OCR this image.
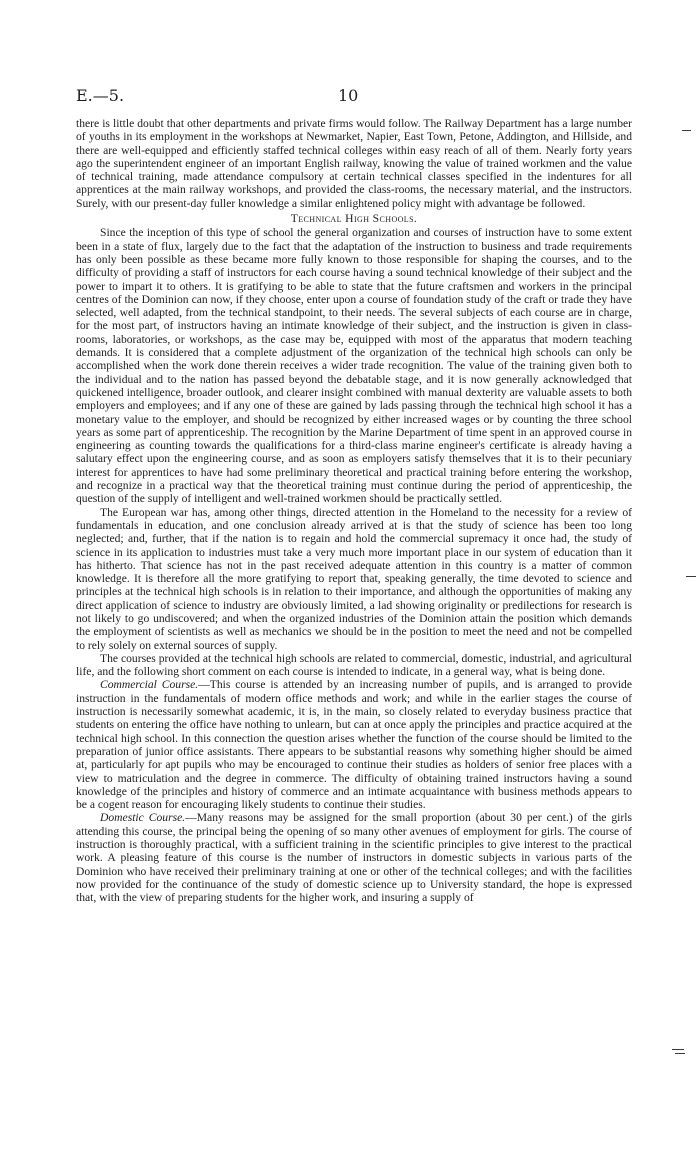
E.—5.	10

there is little doubt that other departments and private firms would follow. The Railway Department has a large number of youths in its employment in the workshops at Newmarket, Napier, East Town, Petone, Addington, and Hillside, and there are well-equipped and efficiently staffed technical colleges within easy reach of all of them. Nearly forty years ago the superintendent engineer of an important English railway, knowing the value of trained workmen and the value of technical training, made attendance compulsory at certain technical classes specified in the indentures for all apprentices at the main railway workshops, and provided the class-rooms, the necessary material, and the instructors. Surely, with our present-day fuller knowledge a similar enlightened policy might with advantage be followed.

Technical High Schools.

Since the inception of this type of school the general organization and courses of instruction have to some extent been in a state of flux, largely due to the fact that the adaptation of the instruction to business and trade requirements has only been possible as these became more fully known to those responsible for shaping the courses, and to the difficulty of providing a staff of instructors for each course having a sound technical knowledge of their subject and the power to impart it to others. It is gratifying to be able to state that the future craftsmen and workers in the principal centres of the Dominion can now, if they choose, enter upon a course of foundation study of the craft or trade they have selected, well adapted, from the technical standpoint, to their needs. The several subjects of each course are in charge, for the most part, of instructors having an intimate knowledge of their subject, and the instruction is given in class-rooms, laboratories, or workshops, as the case may be, equipped with most of the apparatus that modern teaching demands. It is considered that a complete adjustment of the organization of the technical high schools can only be accomplished when the work done therein receives a wider trade recognition. The value of the training given both to the individual and to the nation has passed beyond the debatable stage, and it is now generally acknowledged that quickened intelligence, broader outlook, and clearer insight combined with manual dexterity are valuable assets to both employers and employees; and if any one of these are gained by lads passing through the technical high school it has a monetary value to the employer, and should be recognized by either increased wages or by counting the three school years as some part of apprenticeship. The recognition by the Marine Department of time spent in an approved course in engineering as counting towards the qualifications for a third-class marine engineer's certificate is already having a salutary effect upon the engineering course, and as soon as employers satisfy themselves that it is to their pecuniary interest for apprentices to have had some preliminary theoretical and practical training before entering the workshop, and recognize in a practical way that the theoretical training must continue during the period of apprenticeship, the question of the supply of intelligent and well-trained workmen should be practically settled.

The European war has, among other things, directed attention in the Homeland to the necessity for a review of fundamentals in education, and one conclusion already arrived at is that the study of science has been too long neglected; and, further, that if the nation is to regain and hold the commercial supremacy it once had, the study of science in its application to industries must take a very much more important place in our system of education than it has hitherto. That science has not in the past received adequate attention in this country is a matter of common knowledge. It is therefore all the more gratifying to report that, speaking generally, the time devoted to science and principles at the technical high schools is in relation to their importance, and although the opportunities of making any direct application of science to industry are obviously limited, a lad showing originality or predilections for research is not likely to go undiscovered; and when the organized industries of the Dominion attain the position which demands the employment of scientists as well as mechanics we should be in the position to meet the need and not be compelled to rely solely on external sources of supply.

The courses provided at the technical high schools are related to commercial, domestic, industrial, and agricultural life, and the following short comment on each course is intended to indicate, in a general way, what is being done.

Commercial Course.—This course is attended by an increasing number of pupils, and is arranged to provide instruction in the fundamentals of modern office methods and work; and while in the earlier stages the course of instruction is necessarily somewhat academic, it is, in the main, so closely related to everyday business practice that students on entering the office have nothing to unlearn, but can at once apply the principles and practice acquired at the technical high school. In this connection the question arises whether the function of the course should be limited to the preparation of junior office assistants. There appears to be substantial reasons why something higher should be aimed at, particularly for apt pupils who may be encouraged to continue their studies as holders of senior free places with a view to matriculation and the degree in commerce. The difficulty of obtaining trained instructors having a sound knowledge of the principles and history of commerce and an intimate acquaintance with business methods appears to be a cogent reason for encouraging likely students to continue their studies.

Domestic Course.—Many reasons may be assigned for the small proportion (about 30 per cent.) of the girls attending this course, the principal being the opening of so many other avenues of employment for girls. The course of instruction is thoroughly practical, with a sufficient training in the scientific principles to give interest to the practical work. A pleasing feature of this course is the number of instructors in domestic subjects in various parts of the Dominion who have received their preliminary training at one or other of the technical colleges; and with the facilities now provided for the continuance of the study of domestic science up to University standard, the hope is expressed that, with the view of preparing students for the higher work, and insuring a supply of
